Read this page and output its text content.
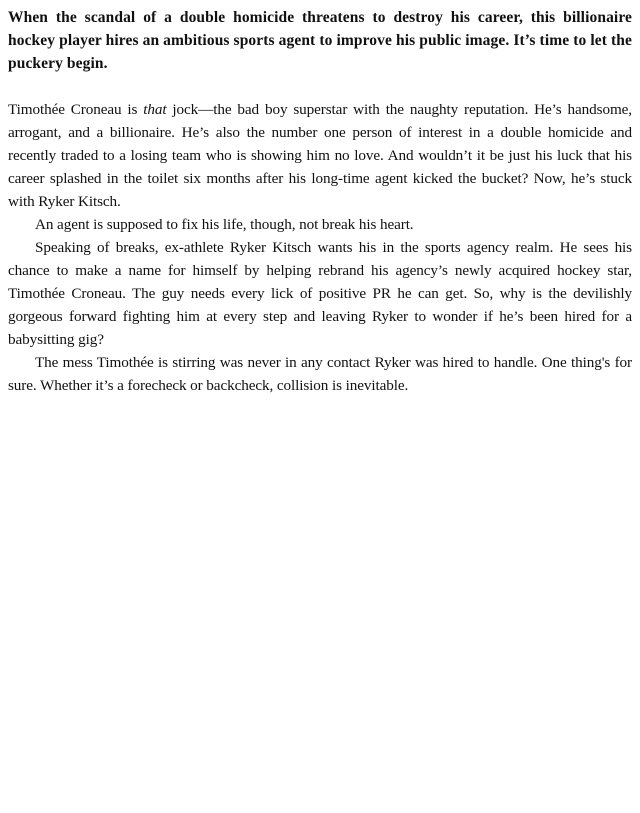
When the scandal of a double homicide threatens to destroy his career, this billionaire hockey player hires an ambitious sports agent to improve his public image. It’s time to let the puckery begin.

Timothée Croneau is that jock—the bad boy superstar with the naughty reputation. He’s handsome, arrogant, and a billionaire. He’s also the number one person of interest in a double homicide and recently traded to a losing team who is showing him no love. And wouldn’t it be just his luck that his career splashed in the toilet six months after his long-time agent kicked the bucket? Now, he’s stuck with Ryker Kitsch.

An agent is supposed to fix his life, though, not break his heart.

Speaking of breaks, ex-athlete Ryker Kitsch wants his in the sports agency realm. He sees his chance to make a name for himself by helping rebrand his agency’s newly acquired hockey star, Timothée Croneau. The guy needs every lick of positive PR he can get. So, why is the devilishly gorgeous forward fighting him at every step and leaving Ryker to wonder if he’s been hired for a babysitting gig?

The mess Timothée is stirring was never in any contact Ryker was hired to handle. One thing's for sure. Whether it’s a forecheck or backcheck, collision is inevitable.
